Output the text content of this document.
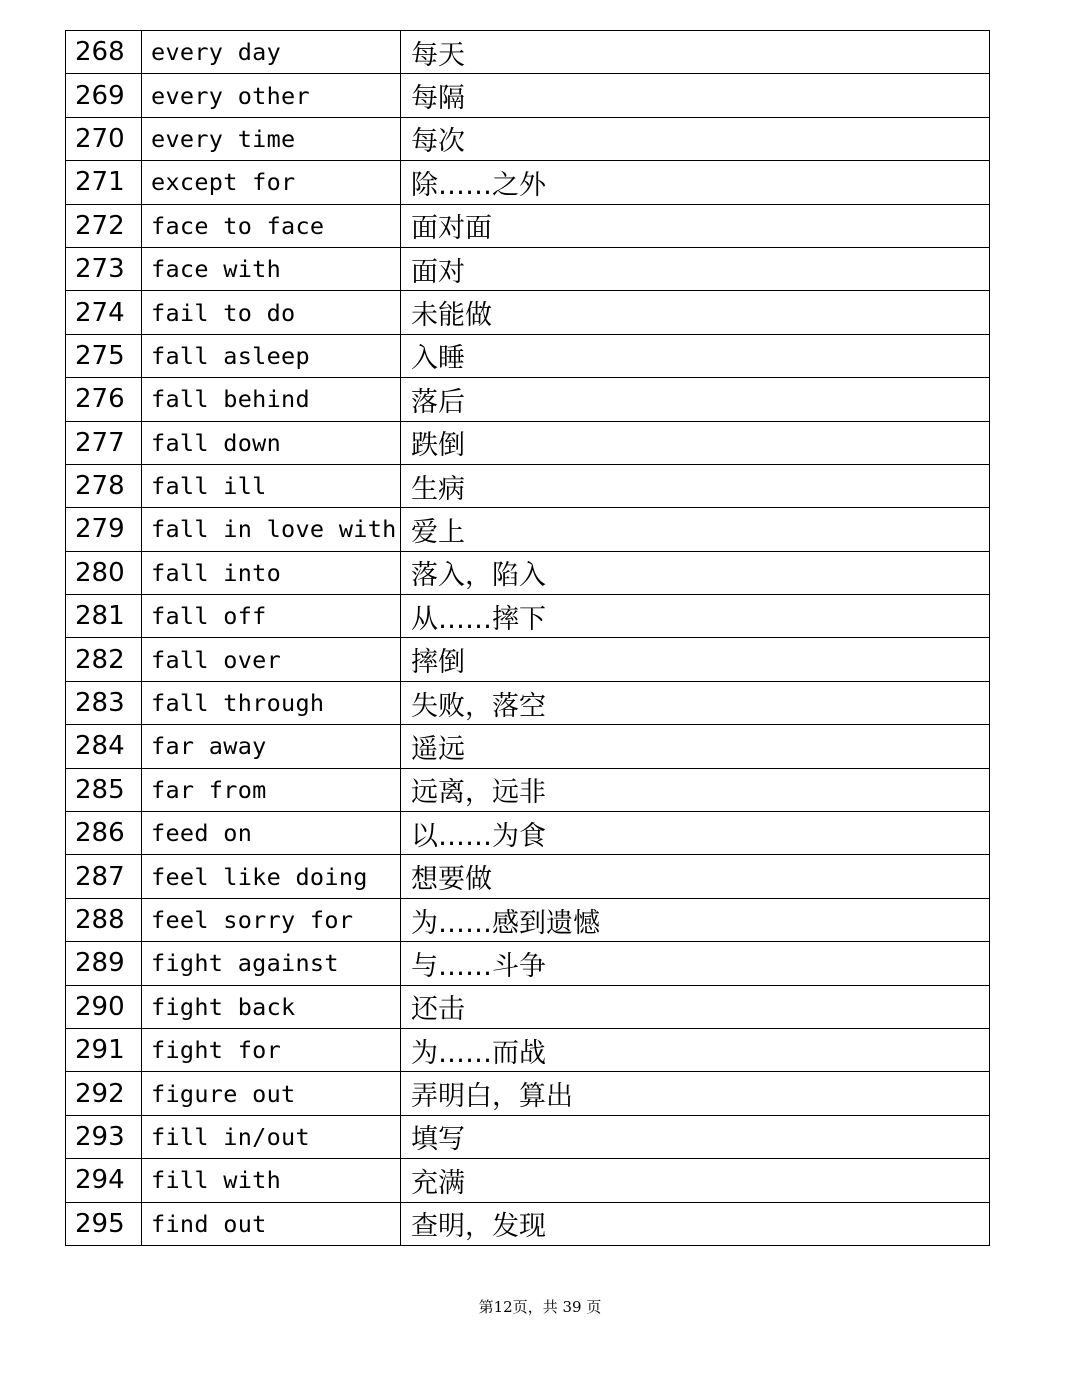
268	every day	每天
269	every other	每隔
270	every time	每次
271	except for	除……之外
272	face to face	面对面
273	face with	面对
274	fail to do	未能做
275	fall asleep	入睡
276	fall behind	落后
277	fall down	跌倒
278	fall ill	生病
279	fall in love with	爱上
280	fall into	落入，陷入
281	fall off	从……摔下
282	fall over	摔倒
283	fall through	失败，落空
284	far away	遥远
285	far from	远离，远非
286	feed on	以……为食
287	feel like doing	想要做
288	feel sorry for	为……感到遗憾
289	fight against	与……斗争
290	fight back	还击
291	fight for	为……而战
292	figure out	弄明白，算出
293	fill in/out	填写
294	fill with	充满
295	find out	查明，发现
第12页，共 39 页
